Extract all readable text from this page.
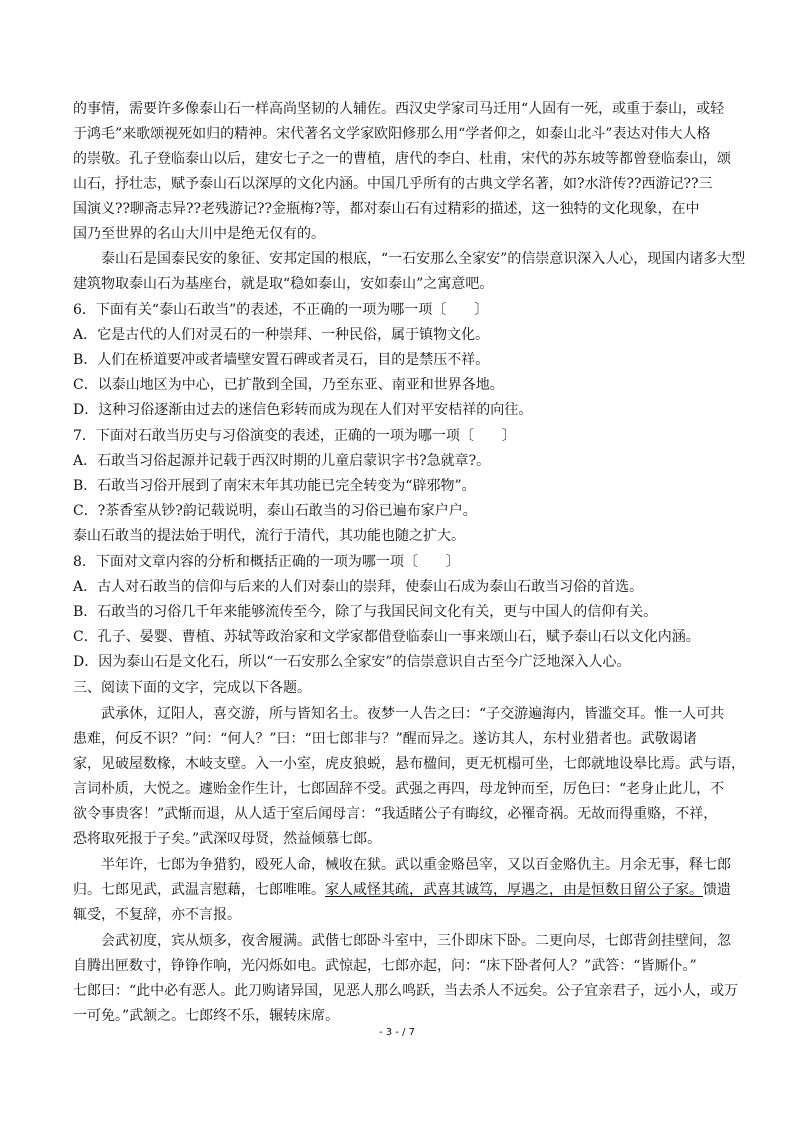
的事情，需要许多像泰山石一样高尚坚韧的人辅佐。西汉史学家司马迁用“人固有一死，或重于泰山，或轻
于鸿毛”来歌颂视死如归的精神。宋代著名文学家欧阳修那么用“学者仰之，如泰山北斗”表达对伟大人格
的崇敬。孔子登临泰山以后，建安七子之一的曹植，唐代的李白、杜甫，宋代的苏东坡等都曾登临泰山，颂
山石，抒壮志，赋予泰山石以深厚的文化内涵。中国几乎所有的古典文学名著，如?水浒传??西游记??三
国演义??聊斋志异??老残游记??金瓶梅?等，都对泰山石有过精彩的描述，这一独特的文化现象，在中
国乃至世界的名山大川中是绝无仅有的。
泰山石是国泰民安的象征、安邦定国的根底，“一石安那么全家安”的信崇意识深入人心，现国内诸多大型
建筑物取泰山石为基座台，就是取“稳如泰山，安如泰山”之寓意吧。
6．下面有关“泰山石敢当”的表述，不正确的一项为哪一项〔　　〕
A．它是古代的人们对灵石的一种崇拜、一种民俗，属于镇物文化。
B．人们在桥道要冲或者墙壁安置石碑或者灵石，目的是禁压不祥。
C．以泰山地区为中心，已扩散到全国，乃至东亚、南亚和世界各地。
D．这种习俗逐渐由过去的迷信色彩转而成为现在人们对平安桔祥的向往。
7．下面对石敢当历史与习俗演变的表述，正确的一项为哪一项〔　　〕
A．石敢当习俗起源并记载于西汉时期的儿童启蒙识字书?急就章?。
B．石敢当习俗开展到了南宋末年其功能已完全转变为“辟邪物”。
C．?茶香室从钞?韵记载说明，泰山石敢当的习俗已遍布家户户。
泰山石敢当的提法始于明代，流行于清代，其功能也随之扩大。
8．下面对文章内容的分析和概括正确的一项为哪一项〔　　〕
A．古人对石敢当的信仰与后来的人们对泰山的崇拜，使泰山石成为泰山石敢当习俗的首选。
B．石敢当的习俗几千年来能够流传至今，除了与我国民间文化有关，更与中国人的信仰有关。
C．孔子、晏婴、曹植、苏轼等政治家和文学家都借登临泰山一事来颂山石，赋予泰山石以文化内涵。
D．因为泰山石是文化石，所以“一石安那么全家安”的信崇意识自古至今广泛地深入人心。
三、阅读下面的文字，完成以下各题。
武承休，辽阳人，喜交游，所与皆知名士。夜梦一人告之曰：“子交游遍海内，皆滥交耳。惟一人可共
患难，何反不识？”问：“何人？”曰：“田七郎非与？”醒而异之。遂访其人，东村业猎者也。武敬谒诸
家，见破屋数椽，木岐支壁。入一小室，虎皮狼蜕，悬布楹间，更无杌榻可坐，七郎就地设皋比焉。武与语，
言词朴质，大悦之。遽贻金作生计，七郎固辞不受。武强之再四，母龙钟而至，厉色曰：“老身止此儿，不
欲令事贵客！”武惭而退，从人适于室后闻母言：“我适睹公子有晦纹，必罹奇祸。无故而得重赂，不祥，
恐将取死报于子矣。”武深叹母贤，然益倾慕七郎。
半年许，七郎为争猎豹，殴死人命，械收在狱。武以重金赂邑宰，又以百金赂仇主。月余无事，释七郎
归。七郎见武，武温言慰藉，七郎唯唯。家人咸怪其疏，武喜其诚笃，厚遇之，由是恒数日留公子家。馈遗
辄受，不复辞，亦不言报。
会武初度，宾从烦多，夜舍履满。武偕七郎卧斗室中，三仆即床下卧。二更向尽，七郎背剑挂壁间，忽
自腾出匣数寸，铮铮作响，光闪烁如电。武惊起，七郎亦起，问：“床下卧者何人？”武答：“皆厮仆。”
七郎曰：“此中必有恶人。此刀购诸异国，见恶人那么鸣跃，当去杀人不远矣。公子宜亲君子，远小人，或万
一可免。”武颔之。七郎终不乐，辗转床席。
- 3 - / 7
